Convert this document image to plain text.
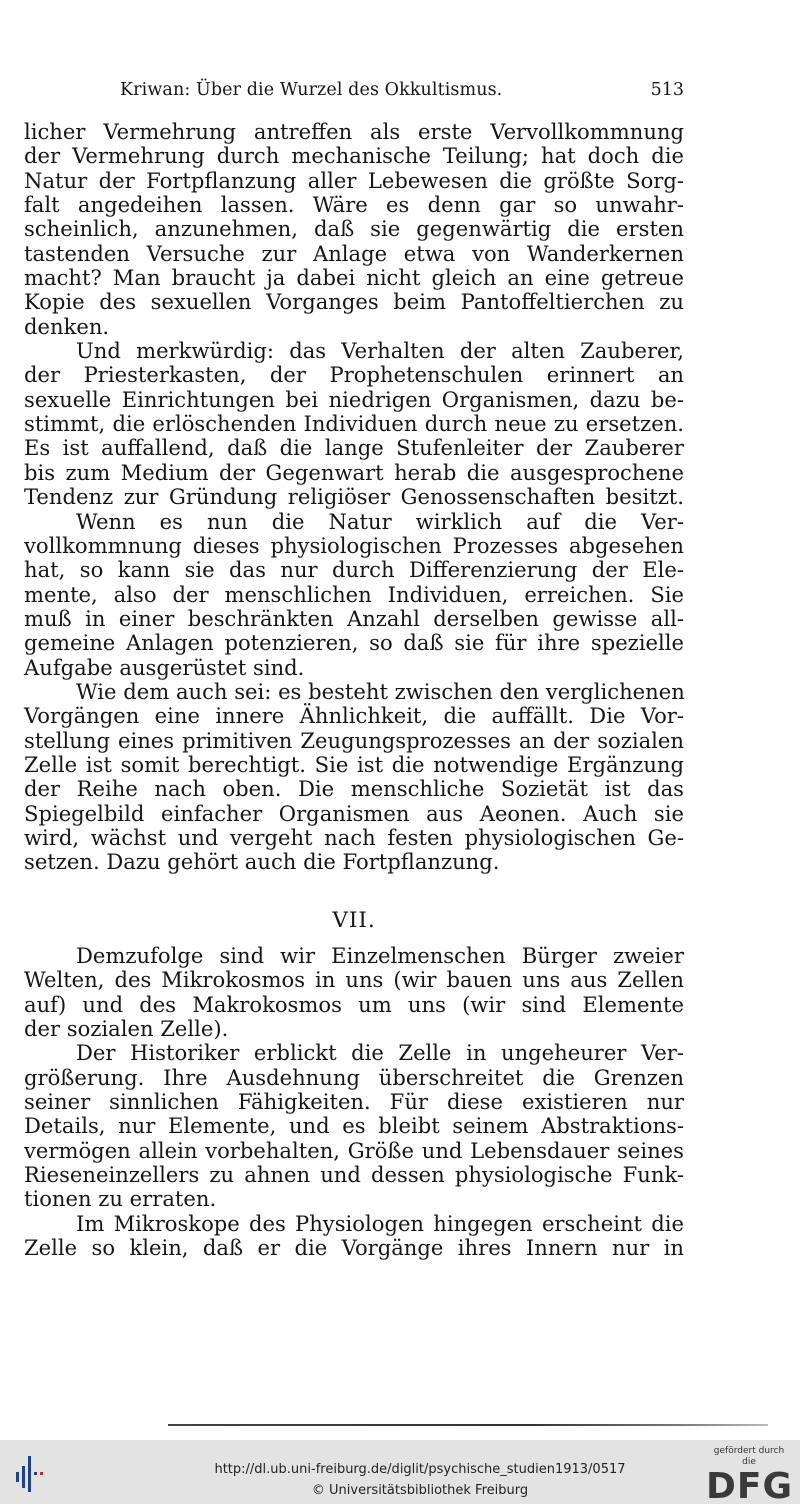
Kriwan: Über die Wurzel des Okkultismus.	513
licher Vermehrung antreffen als erste Vervollkommnung
der Vermehrung durch mechanische Teilung; hat doch die
Natur der Fortpflanzung aller Lebewesen die größte Sorg-
falt angedeihen lassen. Wäre es denn gar so unwahr-
scheinlich, anzunehmen, daß sie gegenwärtig die ersten
tastenden Versuche zur Anlage etwa von Wanderkernen
macht? Man braucht ja dabei nicht gleich an eine getreue
Kopie des sexuellen Vorganges beim Pantoffeltierchen zu
denken.
Und merkwürdig: das Verhalten der alten Zauberer,
der Priesterkasten, der Prophetenschulen erinnert an
sexuelle Einrichtungen bei niedrigen Organismen, dazu be-
stimmt, die erlöschenden Individuen durch neue zu ersetzen.
Es ist auffallend, daß die lange Stufenleiter der Zauberer
bis zum Medium der Gegenwart herab die ausgesprochene
Tendenz zur Gründung religiöser Genossenschaften besitzt.
Wenn es nun die Natur wirklich auf die Ver-
vollkommnung dieses physiologischen Prozesses abgesehen
hat, so kann sie das nur durch Differenzierung der Ele-
mente, also der menschlichen Individuen, erreichen. Sie
muß in einer beschränkten Anzahl derselben gewisse all-
gemeine Anlagen potenzieren, so daß sie für ihre spezielle
Aufgabe ausgerüstet sind.
Wie dem auch sei: es besteht zwischen den verglichenen
Vorgängen eine innere Ähnlichkeit, die auffällt. Die Vor-
stellung eines primitiven Zeugungsprozesses an der sozialen
Zelle ist somit berechtigt. Sie ist die notwendige Ergänzung
der Reihe nach oben. Die menschliche Sozietät ist das
Spiegelbild einfacher Organismen aus Aeonen. Auch sie
wird, wächst und vergeht nach festen physiologischen Ge-
setzen. Dazu gehört auch die Fortpflanzung.
VII.
Demzufolge sind wir Einzelmenschen Bürger zweier
Welten, des Mikrokosmos in uns (wir bauen uns aus Zellen
auf) und des Makrokosmos um uns (wir sind Elemente
der sozialen Zelle).
Der Historiker erblickt die Zelle in ungeheurer Ver-
größerung. Ihre Ausdehnung überschreitet die Grenzen
seiner sinnlichen Fähigkeiten. Für diese existieren nur
Details, nur Elemente, und es bleibt seinem Abstraktions-
vermögen allein vorbehalten, Größe und Lebensdauer seines
Rieseneinzellers zu ahnen und dessen physiologische Funk-
tionen zu erraten.
Im Mikroskope des Physiologen hingegen erscheint die
Zelle so klein, daß er die Vorgänge ihres Innern nur in
http://dl.ub.uni-freiburg.de/diglit/psychische_studien1913/0517
© Universitätsbibliothek Freiburg
gefördert durch die
DFG
